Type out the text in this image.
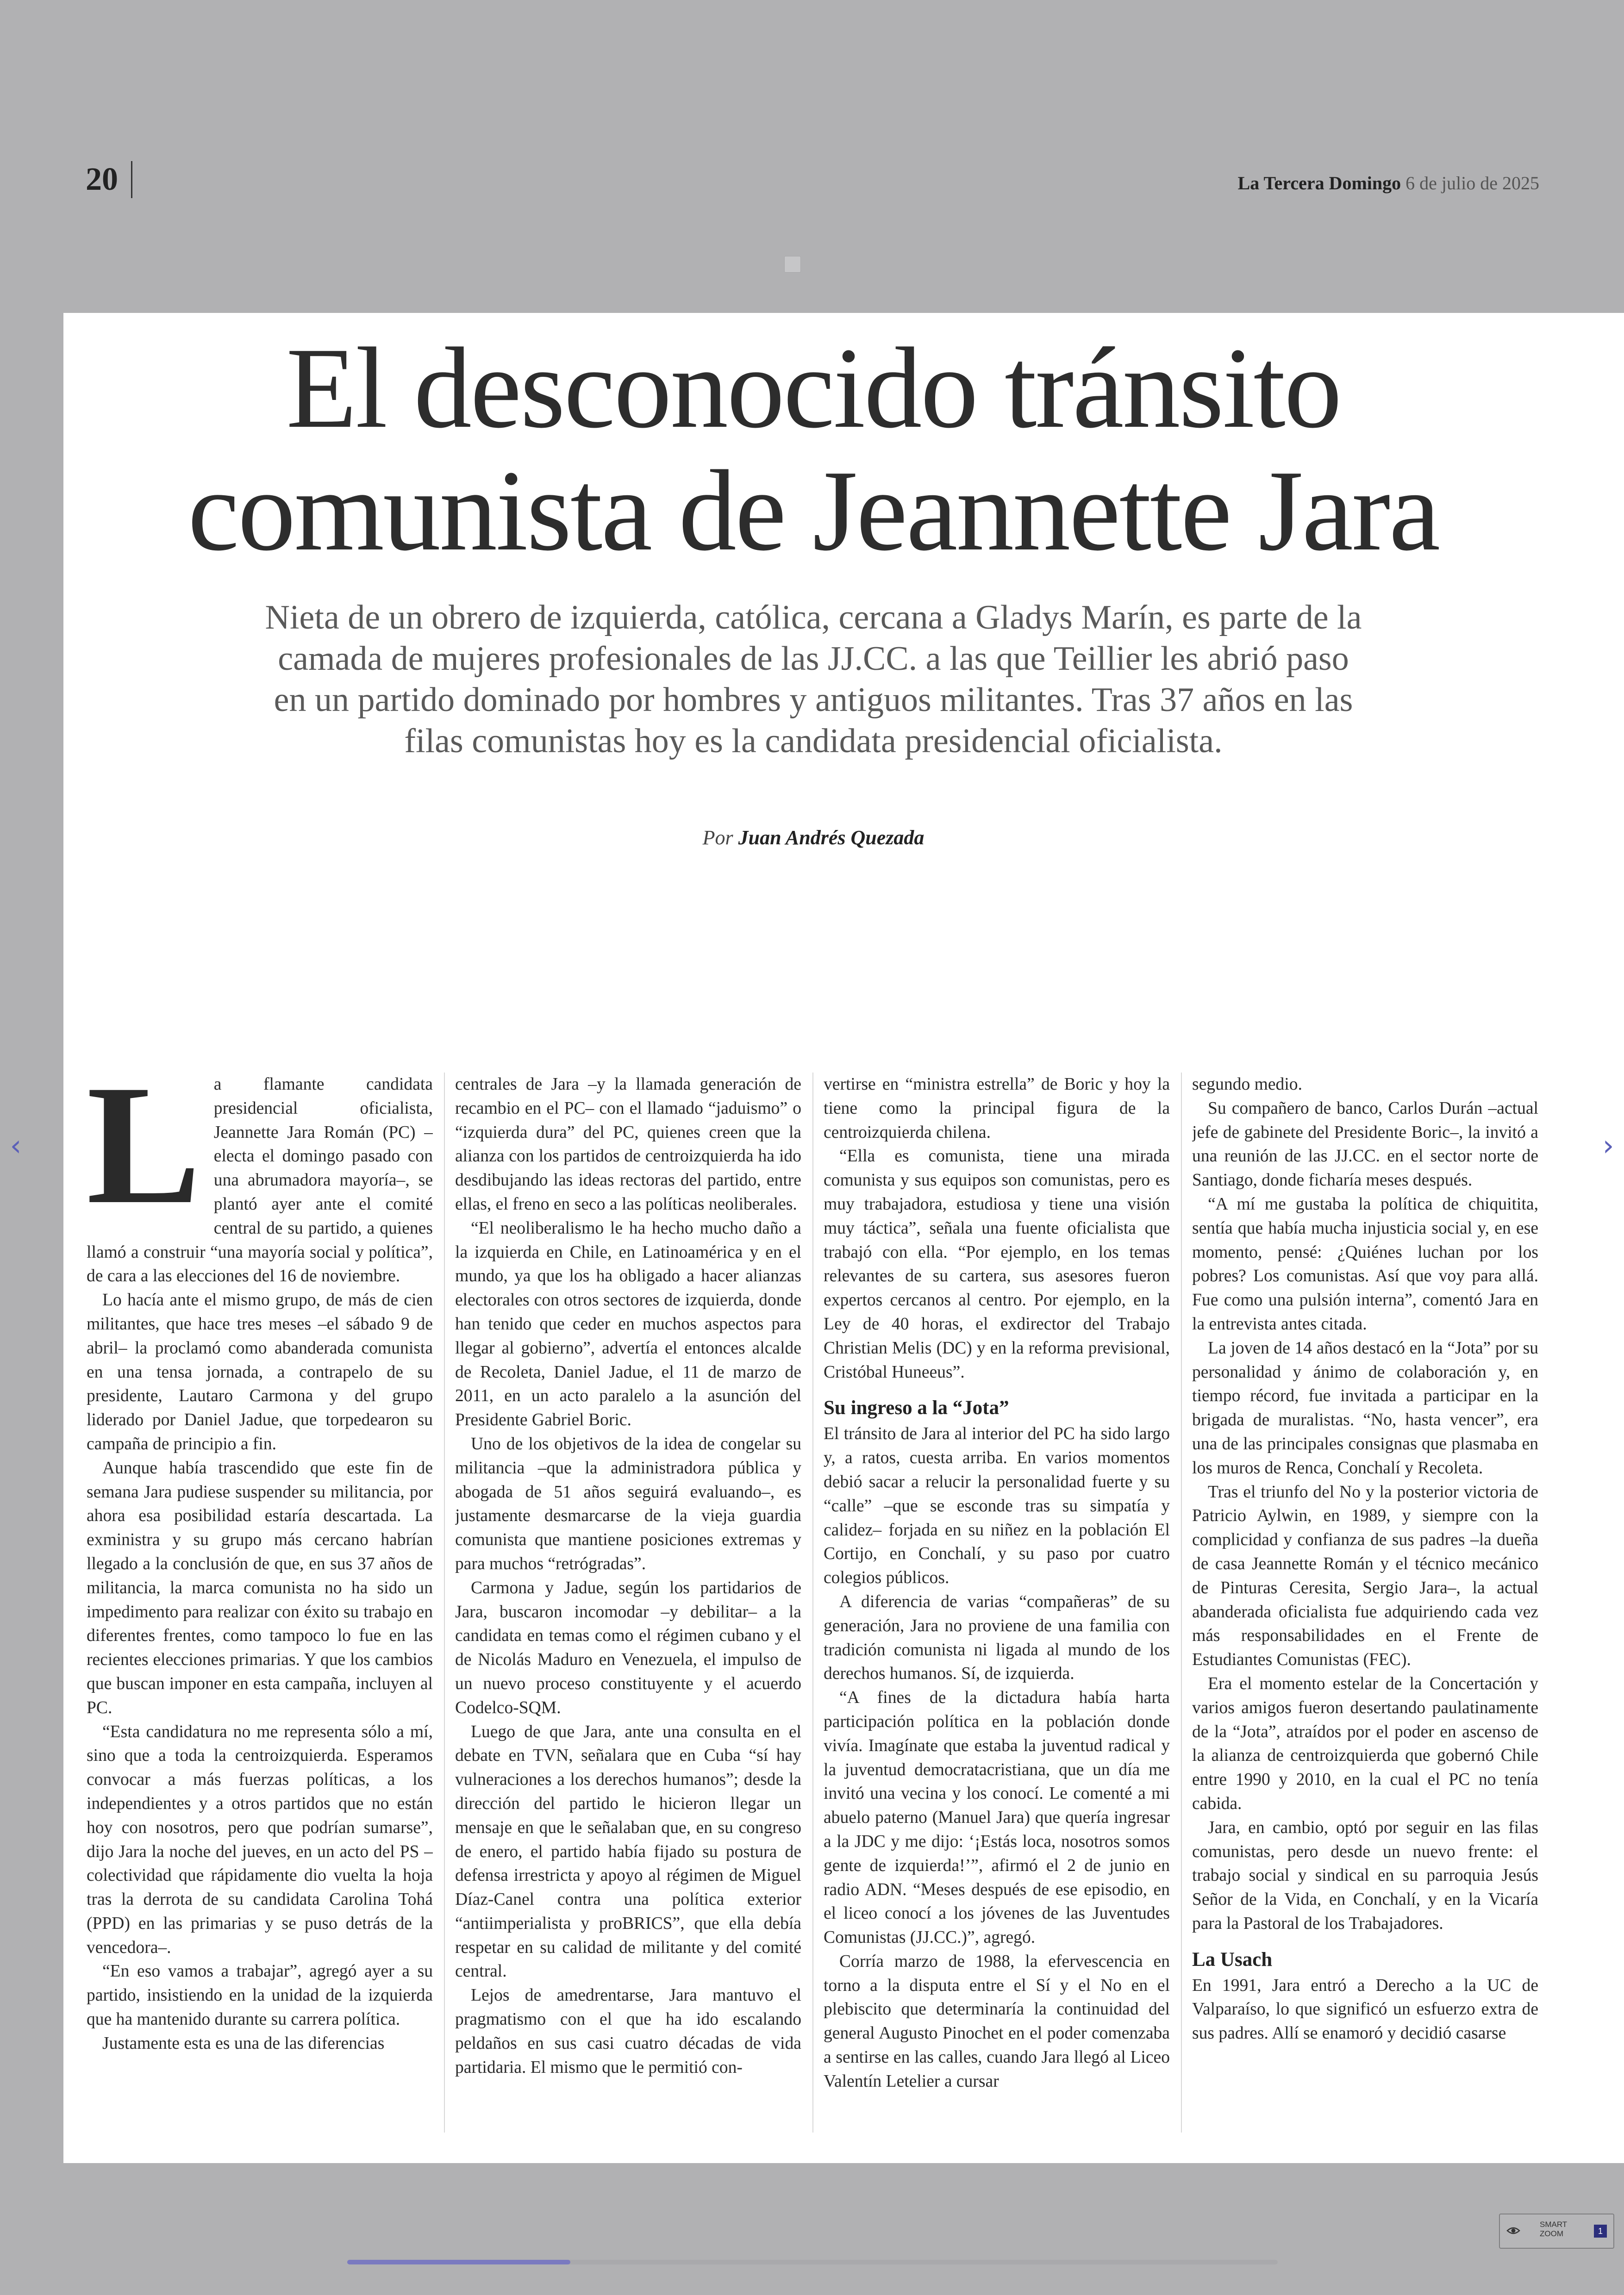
20	La Tercera Domingo 6 de julio de 2025
El desconocido tránsito comunista de Jeannette Jara

Nieta de un obrero de izquierda, católica, cercana a Gladys Marín, es parte de la camada de mujeres profesionales de las JJ.CC. a las que Teillier les abrió paso en un partido dominado por hombres y antiguos militantes. Tras 37 años en las filas comunistas hoy es la candidata presidencial oficialista.

Por Juan Andrés Quezada
L a flamante candidata presidencial oficialista, Jeannette Jara Román (PC) –electa el domingo pasado con una abrumadora mayoría–, se plantó ayer ante el comité central de su partido, a quienes llamó a construir “una mayoría social y política”, de cara a las elecciones del 16 de noviembre.

Lo hacía ante el mismo grupo, de más de cien militantes, que hace tres meses –el sábado 9 de abril– la proclamó como abanderada comunista en una tensa jornada, a contrapelo de su presidente, Lautaro Carmona y del grupo liderado por Daniel Jadue, que torpedearon su campaña de principio a fin.

Aunque había trascendido que este fin de semana Jara pudiese suspender su militancia, por ahora esa posibilidad estaría descartada. La exministra y su grupo más cercano habrían llegado a la conclusión de que, en sus 37 años de militancia, la marca comunista no ha sido un impedimento para realizar con éxito su trabajo en diferentes frentes, como tampoco lo fue en las recientes elecciones primarias. Y que los cambios que buscan imponer en esta campaña, incluyen al PC.

“Esta candidatura no me representa sólo a mí, sino que a toda la centroizquierda. Esperamos convocar a más fuerzas políticas, a los independientes y a otros partidos que no están hoy con nosotros, pero que podrían sumarse”, dijo Jara la noche del jueves, en un acto del PS –colectividad que rápidamente dio vuelta la hoja tras la derrota de su candidata Carolina Tohá (PPD) en las primarias y se puso detrás de la vencedora–.

“En eso vamos a trabajar”, agregó ayer a su partido, insistiendo en la unidad de la izquierda que ha mantenido durante su carrera política.

Justamente esta es una de las diferencias

centrales de Jara –y la llamada generación de recambio en el PC– con el llamado “jaduismo” o “izquierda dura” del PC, quienes creen que la alianza con los partidos de centroizquierda ha ido desdibujando las ideas rectoras del partido, entre ellas, el freno en seco a las políticas neoliberales.

“El neoliberalismo le ha hecho mucho daño a la izquierda en Chile, en Latinoamérica y en el mundo, ya que los ha obligado a hacer alianzas electorales con otros sectores de izquierda, donde han tenido que ceder en muchos aspectos para llegar al gobierno”, advertía el entonces alcalde de Recoleta, Daniel Jadue, el 11 de marzo de 2011, en un acto paralelo a la asunción del Presidente Gabriel Boric.

Uno de los objetivos de la idea de congelar su militancia –que la administradora pública y abogada de 51 años seguirá evaluando–, es justamente desmarcarse de la vieja guardia comunista que mantiene posiciones extremas y para muchos “retrógradas”.

Carmona y Jadue, según los partidarios de Jara, buscaron incomodar –y debilitar– a la candidata en temas como el régimen cubano y el de Nicolás Maduro en Venezuela, el impulso de un nuevo proceso constituyente y el acuerdo Codelco-SQM.

Luego de que Jara, ante una consulta en el debate en TVN, señalara que en Cuba “sí hay vulneraciones a los derechos humanos”; desde la dirección del partido le hicieron llegar un mensaje en que le señalaban que, en su congreso de enero, el partido había fijado su postura de defensa irrestricta y apoyo al régimen de Miguel Díaz-Canel contra una política exterior “antiimperialista y proBRICS”, que ella debía respetar en su calidad de militante y del comité central.

Lejos de amedrentarse, Jara mantuvo el pragmatismo con el que ha ido escalando peldaños en sus casi cuatro décadas de vida partidaria. El mismo que le permitió con-

vertirse en “ministra estrella” de Boric y hoy la tiene como la principal figura de la centroizquierda chilena.

“Ella es comunista, tiene una mirada comunista y sus equipos son comunistas, pero es muy trabajadora, estudiosa y tiene una visión muy táctica”, señala una fuente oficialista que trabajó con ella. “Por ejemplo, en los temas relevantes de su cartera, sus asesores fueron expertos cercanos al centro. Por ejemplo, en la Ley de 40 horas, el exdirector del Trabajo Christian Melis (DC) y en la reforma previsional, Cristóbal Huneeus”.

Su ingreso a la “Jota”

El tránsito de Jara al interior del PC ha sido largo y, a ratos, cuesta arriba. En varios momentos debió sacar a relucir la personalidad fuerte y su “calle” –que se esconde tras su simpatía y calidez– forjada en su niñez en la población El Cortijo, en Conchalí, y su paso por cuatro colegios públicos.

A diferencia de varias “compañeras” de su generación, Jara no proviene de una familia con tradición comunista ni ligada al mundo de los derechos humanos. Sí, de izquierda.

“A fines de la dictadura había harta participación política en la población donde vivía. Imagínate que estaba la juventud radical y la juventud democratacristiana, que un día me invitó una vecina y los conocí. Le comenté a mi abuelo paterno (Manuel Jara) que quería ingresar a la JDC y me dijo: ‘¡Estás loca, nosotros somos gente de izquierda!’”, afirmó el 2 de junio en radio ADN. “Meses después de ese episodio, en el liceo conocí a los jóvenes de las Juventudes Comunistas (JJ.CC.)”, agregó.

Corría marzo de 1988, la efervescencia en torno a la disputa entre el Sí y el No en el plebiscito que determinaría la continuidad del general Augusto Pinochet en el poder comenzaba a sentirse en las calles, cuando Jara llegó al Liceo Valentín Letelier a cursar

segundo medio.

Su compañero de banco, Carlos Durán –actual jefe de gabinete del Presidente Boric–, la invitó a una reunión de las JJ.CC. en el sector norte de Santiago, donde ficharía meses después.

“A mí me gustaba la política de chiquitita, sentía que había mucha injusticia social y, en ese momento, pensé: ¿Quiénes luchan por los pobres? Los comunistas. Así que voy para allá. Fue como una pulsión interna”, comentó Jara en la entrevista antes citada.

La joven de 14 años destacó en la “Jota” por su personalidad y ánimo de colaboración y, en tiempo récord, fue invitada a participar en la brigada de muralistas. “No, hasta vencer”, era una de las principales consignas que plasmaba en los muros de Renca, Conchalí y Recoleta.

Tras el triunfo del No y la posterior victoria de Patricio Aylwin, en 1989, y siempre con la complicidad y confianza de sus padres –la dueña de casa Jeannette Román y el técnico mecánico de Pinturas Ceresita, Sergio Jara–, la actual abanderada oficialista fue adquiriendo cada vez más responsabilidades en el Frente de Estudiantes Comunistas (FEC).

Era el momento estelar de la Concertación y varios amigos fueron desertando paulatinamente de la “Jota”, atraídos por el poder en ascenso de la alianza de centroizquierda que gobernó Chile entre 1990 y 2010, en la cual el PC no tenía cabida.

Jara, en cambio, optó por seguir en las filas comunistas, pero desde un nuevo frente: el trabajo social y sindical en su parroquia Jesús Señor de la Vida, en Conchalí, y en la Vicaría para la Pastoral de los Trabajadores.

La Usach

En 1991, Jara entró a Derecho a la UC de Valparaíso, lo que significó un esfuerzo extra de sus padres. Allí se enamoró y decidió casarse

‹	›
SMART
ZOOM	1
